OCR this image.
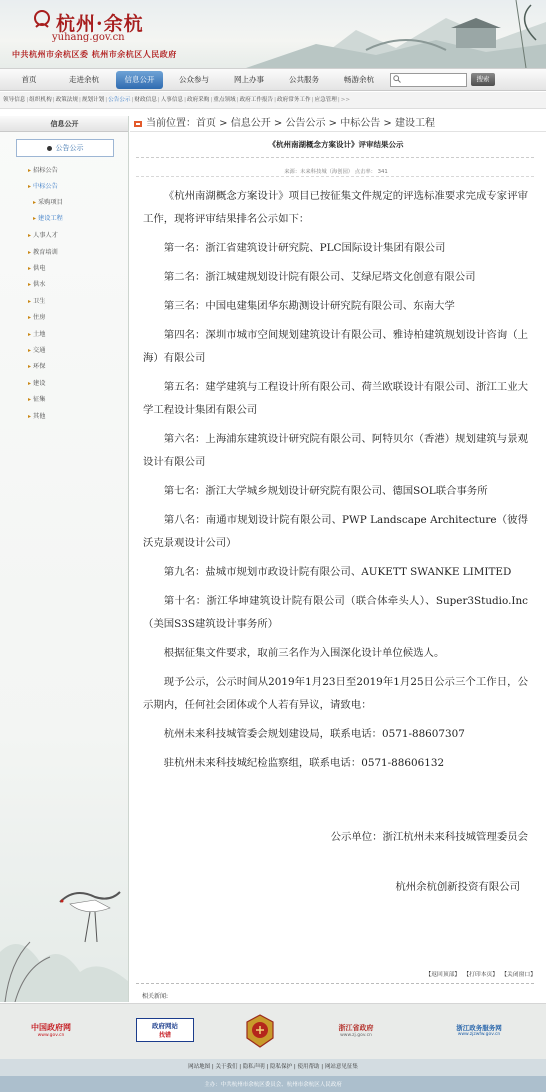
杭州·余杭
yuhang.gov.cn
中共杭州市余杭区委 杭州市余杭区人民政府
首页	走进余杭	信息公开	公众参与	网上办事	公共服务	畅游余杭	搜索
领导信息|组织机构|政策法规|规划计划|公告公示|财政信息|人事信息|政府采购|重点领域|政府工作报告|政府常务工作|应急管理|>>
信息公开
公告公示
▸ 招标公告
▸ 中标公告
▸ 采购项目
▸ 建设工程
▸ 人事人才
▸ 教育培训
▸ 供电
▸ 供水
▸ 卫生
▸ 住房
▸ 土地
▸ 交通
▸ 环保
▸ 建设
▸ 征集
▸ 其他
当前位置：首页 > 信息公开 > 公告公示 > 中标公告 > 建设工程
《杭州南湖概念方案设计》评审结果公示
来源：未来科技城（海创园） 点击率： 341

《杭州南湖概念方案设计》项目已按征集文件规定的评选标准要求完成专家评审工作，现将评审结果排名公示如下：

第一名：浙江省建筑设计研究院、PLC国际设计集团有限公司

第二名：浙江城建规划设计院有限公司、艾绿尼塔文化创意有限公司

第三名：中国电建集团华东勘测设计研究院有限公司、东南大学

第四名：深圳市城市空间规划建筑设计有限公司、雅诗柏建筑规划设计咨询（上海）有限公司

第五名：建学建筑与工程设计所有限公司、荷兰欧联设计有限公司、浙江工业大学工程设计集团有限公司

第六名：上海浦东建筑设计研究院有限公司、阿特贝尔（香港）规划建筑与景观设计有限公司

第七名：浙江大学城乡规划设计研究院有限公司、德国SOL联合事务所

第八名：南通市规划设计院有限公司、PWP Landscape Architecture（彼得沃克景观设计公司）

第九名：盐城市规划市政设计院有限公司、AUKETT SWANKE LIMITED

第十名：浙江华坤建筑设计院有限公司（联合体牵头人）、Super3Studio.Inc（美国S3S建筑设计事务所）

根据征集文件要求，取前三名作为入围深化设计单位候选人。

现予公示，公示时间从2019年1月23日至2019年1月25日公示三个工作日，公示期内，任何社会团体或个人若有异议，请致电：

杭州未来科技城管委会规划建设局，联系电话：0571-88607307

驻杭州未来科技城纪检监察组，联系电话：0571-88606132

公示单位：浙江杭州未来科技城管理委员会
杭州余杭创新投资有限公司
【返回顶部】 【打印本页】 【关闭窗口】
相关新闻:
中国政府网
www.gov.cn
政府网站
找错
浙江省政府
www.zj.gov.cn
浙江政务服务网
www.zjzwfw.gov.cn
网站地图 | 关于我们 | 隐私声明 | 隐私保护 | 使用帮助 | 网站意见征集
主办：中共杭州市余杭区委员会、杭州市余杭区人民政府
